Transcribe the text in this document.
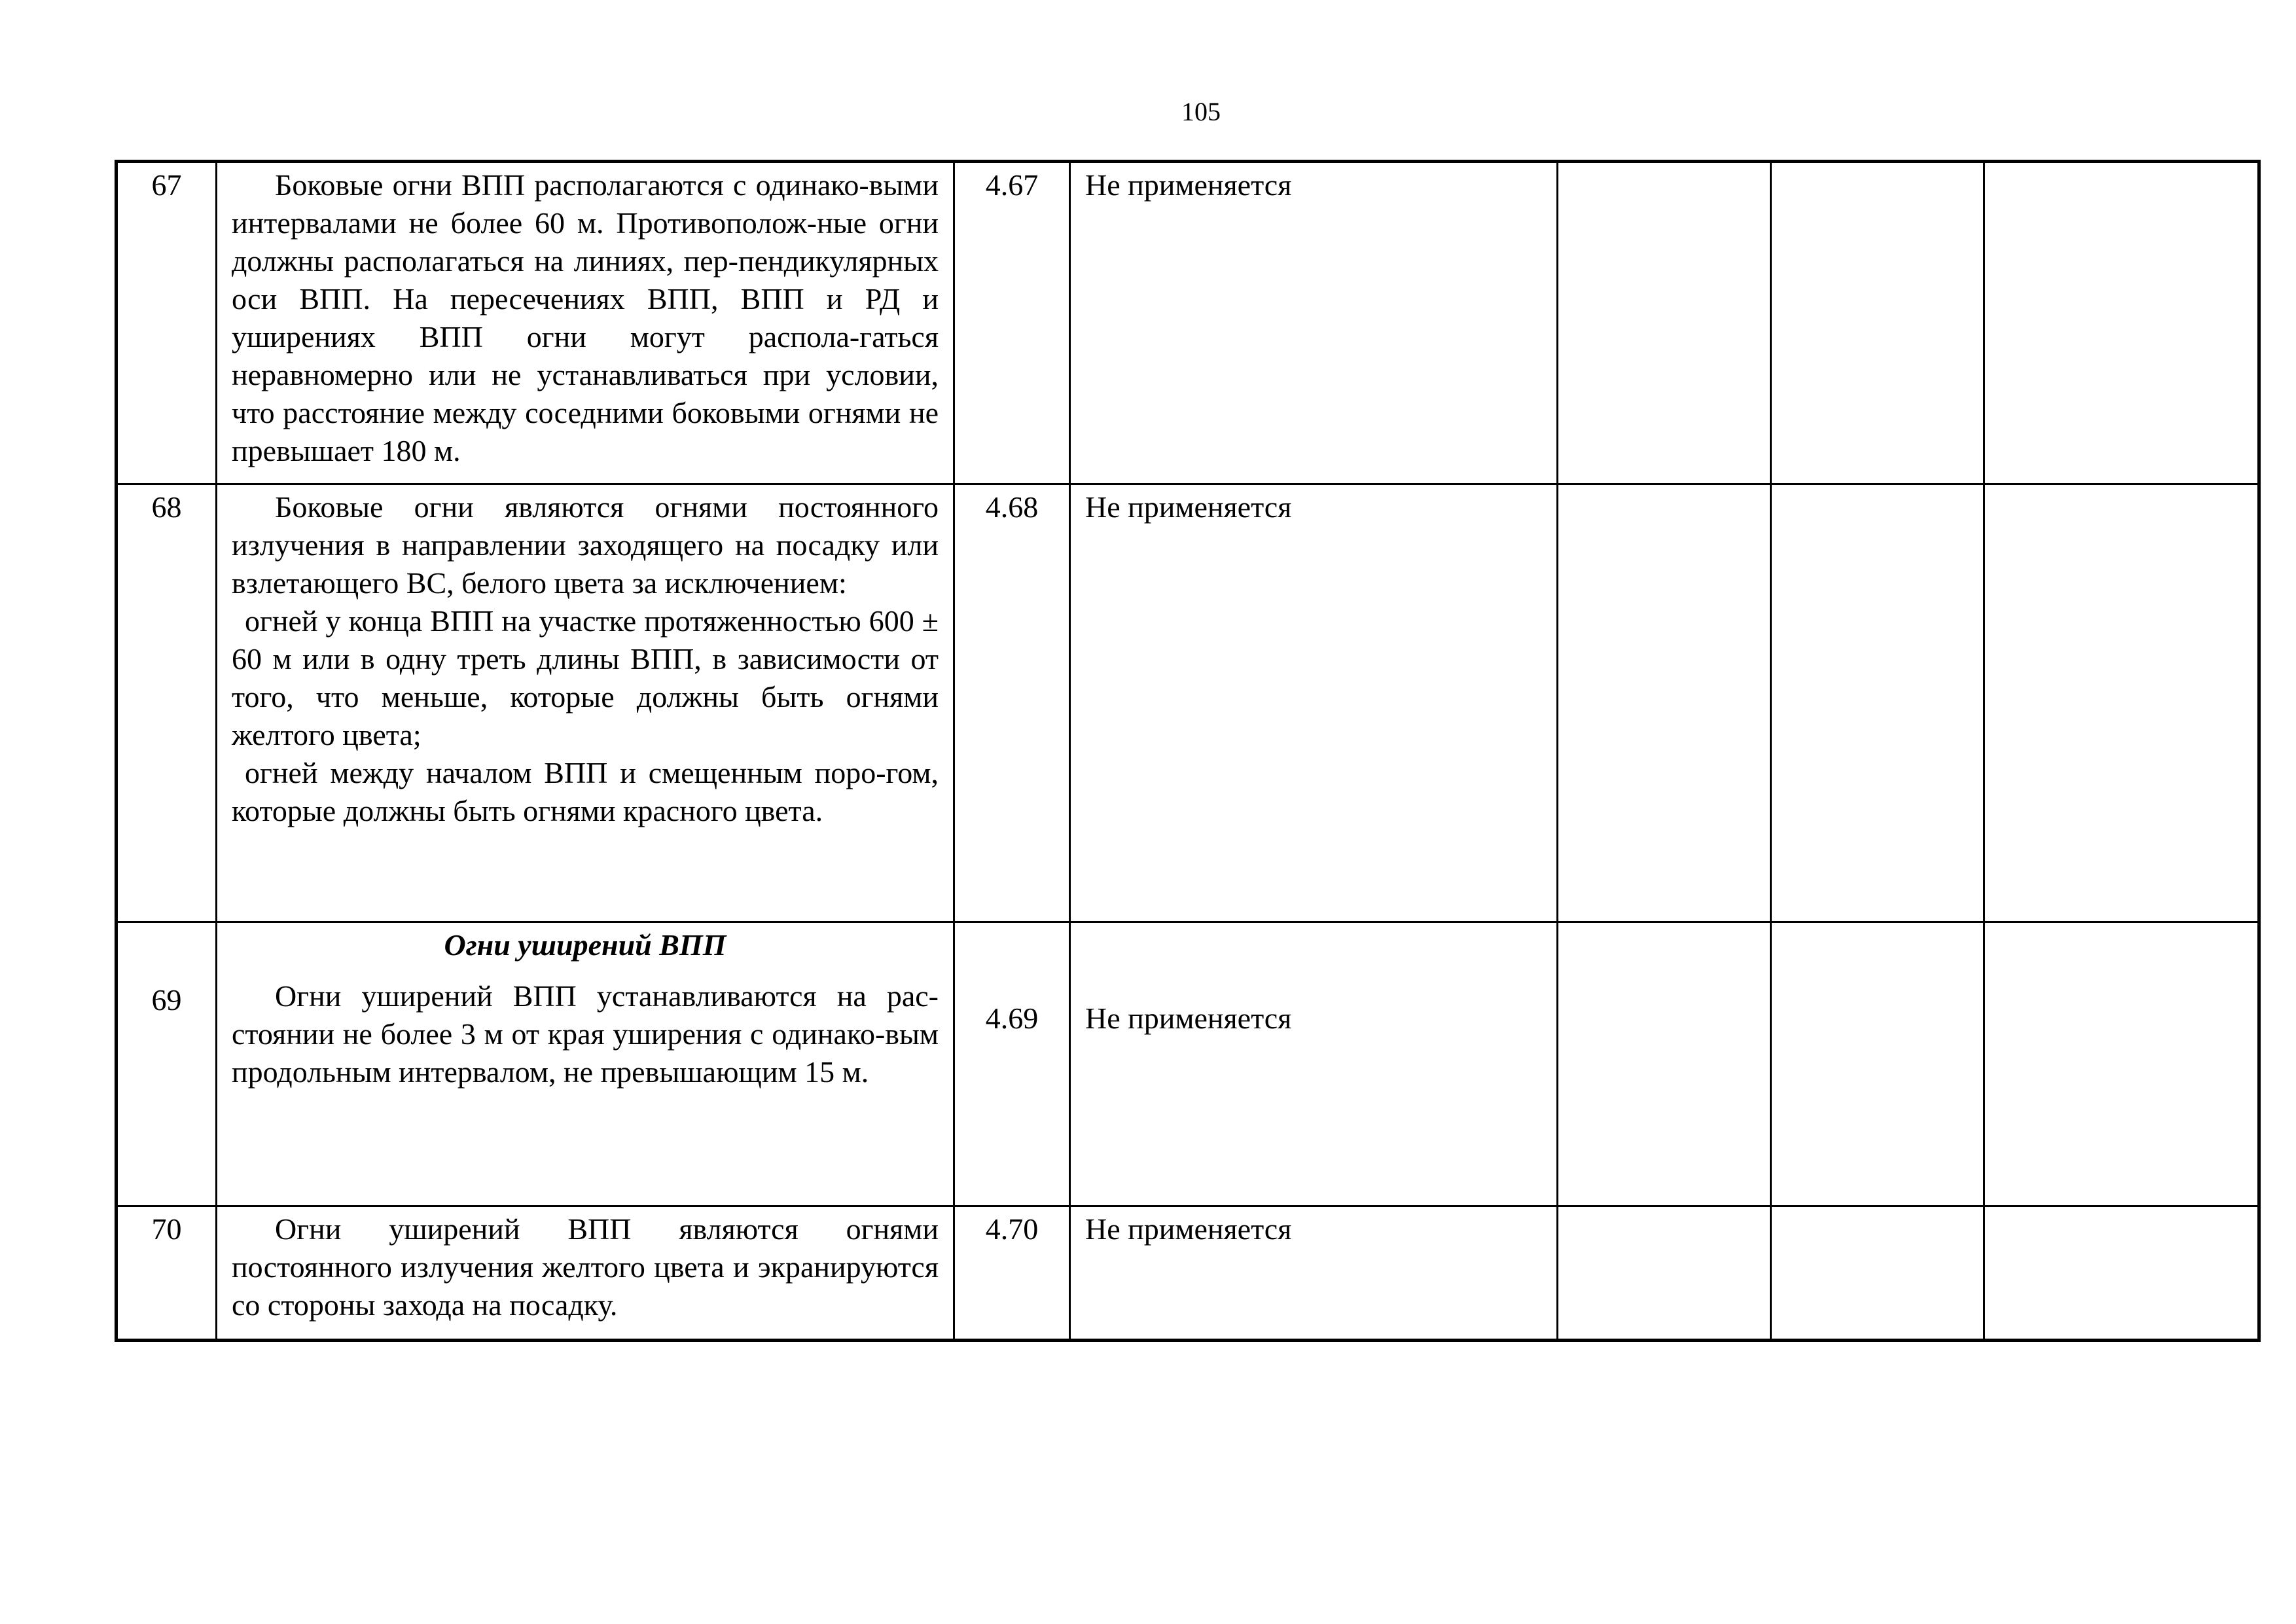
105
67	Боковые огни ВПП располагаются с одинако-выми интервалами не более 60 м. Противополож-ные огни должны располагаться на линиях, пер-пендикулярных оси ВПП. На пересечениях ВПП, ВПП и РД и уширениях ВПП огни могут распола-гаться неравномерно или не устанавливаться при условии, что расстояние между соседними боковыми огнями не превышает 180 м.	4.67	Не применяется			
68	Боковые огни являются огнями постоянного излучения в направлении заходящего на посадку или взлетающего ВС, белого цвета за исключением:

огней у конца ВПП на участке протяженностью 600 ± 60 м или в одну треть длины ВПП, в зависимости от того, что меньше, которые должны быть огнями желтого цвета;

огней между началом ВПП и смещенным поро-гом, которые должны быть огнями красного цвета.	4.68	Не применяется			
69	Огни уширений ВПП

Огни уширений ВПП устанавливаются на рас-стоянии не более 3 м от края уширения с одинако-вым продольным интервалом, не превышающим 15 м.	4.69	Не применяется			
70	Огни уширений ВПП являются огнями постоянного излучения желтого цвета и экранируются со стороны захода на посадку.	4.70	Не применяется			
